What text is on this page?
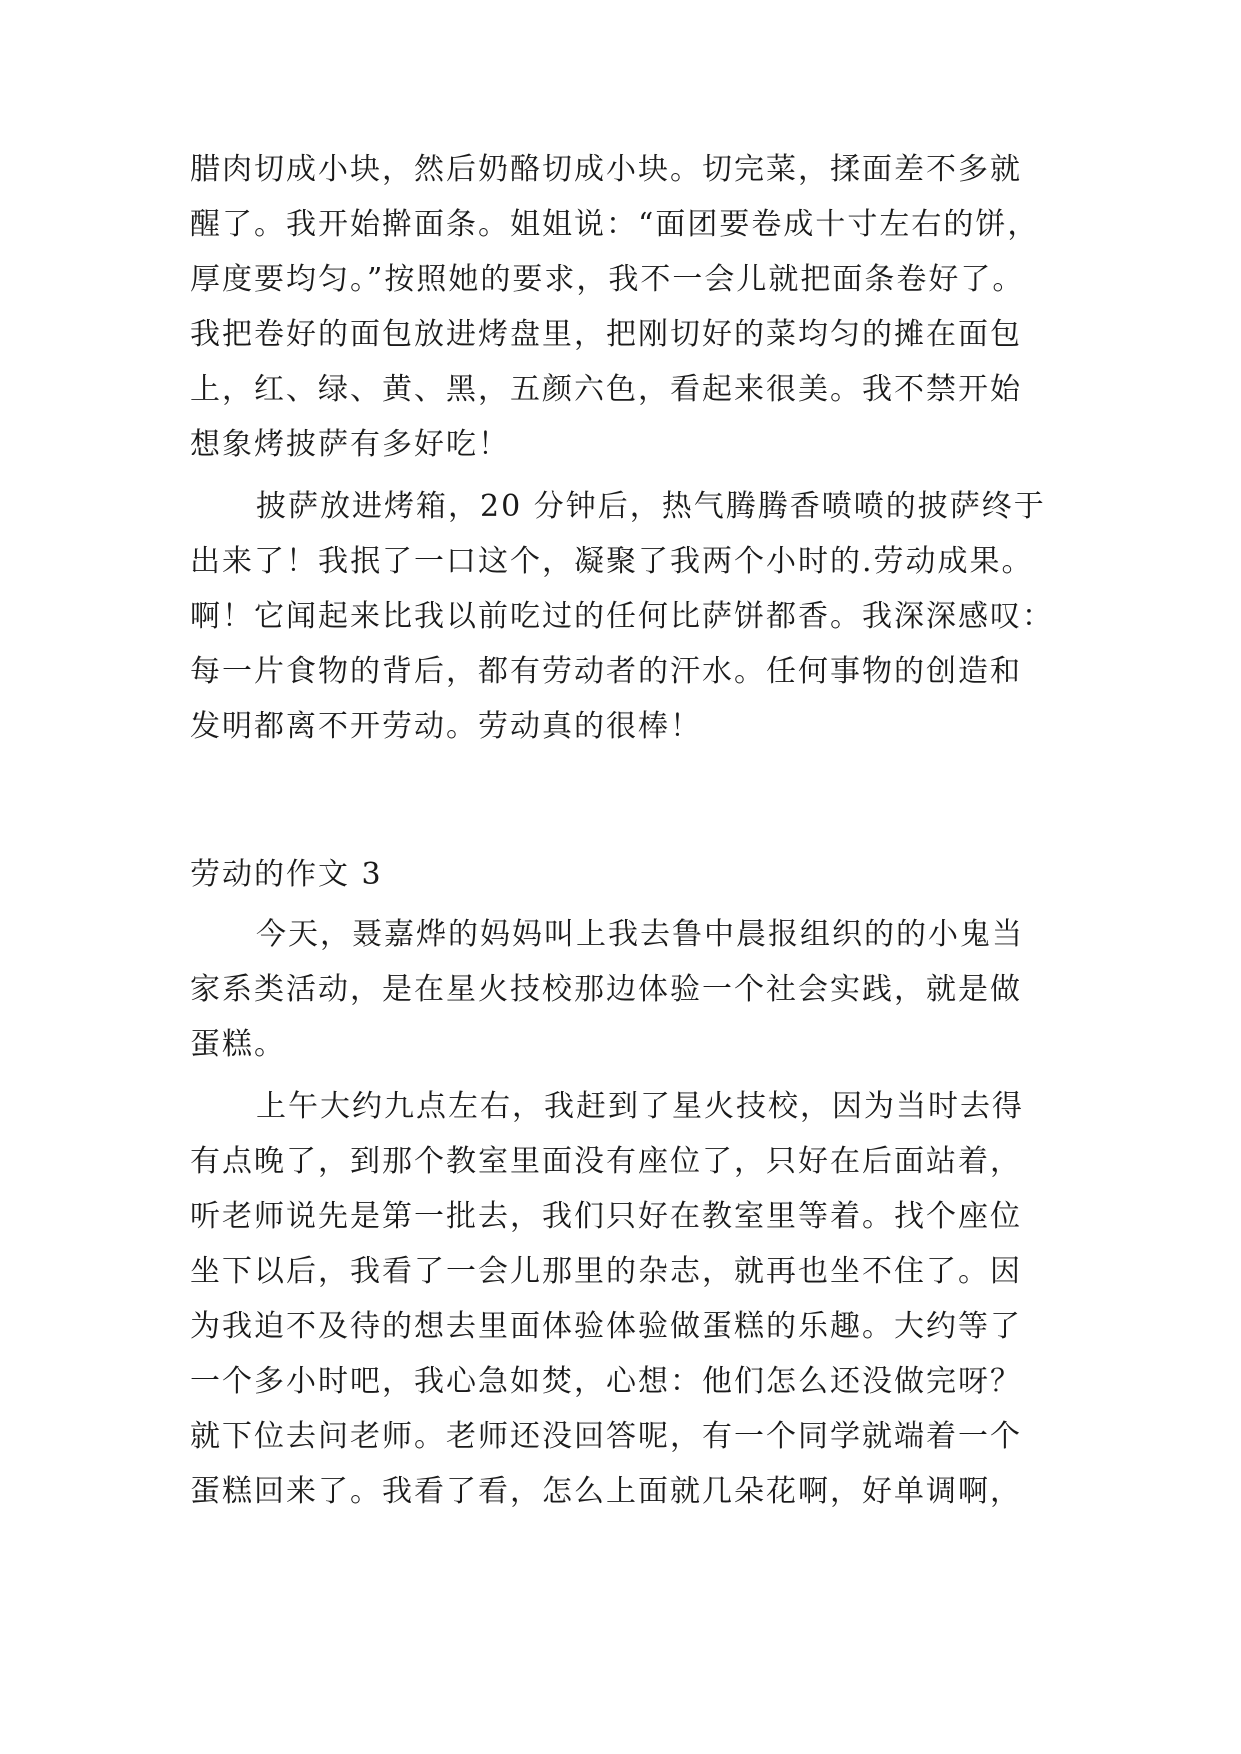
腊肉切成小块，然后奶酪切成小块。切完菜，揉面差不多就
醒了。我开始擀面条。姐姐说：“面团要卷成十寸左右的饼，
厚度要均匀。”按照她的要求，我不一会儿就把面条卷好了。
我把卷好的面包放进烤盘里，把刚切好的菜均匀的摊在面包
上，红、绿、黄、黑，五颜六色，看起来很美。我不禁开始
想象烤披萨有多好吃！
披萨放进烤箱，20 分钟后，热气腾腾香喷喷的披萨终于
出来了！我抿了一口这个，凝聚了我两个小时的.劳动成果。
啊！它闻起来比我以前吃过的任何比萨饼都香。我深深感叹：
每一片食物的背后，都有劳动者的汗水。任何事物的创造和
发明都离不开劳动。劳动真的很棒！
劳动的作文 3
今天，聂嘉烨的妈妈叫上我去鲁中晨报组织的的小鬼当
家系类活动，是在星火技校那边体验一个社会实践，就是做
蛋糕。
上午大约九点左右，我赶到了星火技校，因为当时去得
有点晚了，到那个教室里面没有座位了，只好在后面站着，
听老师说先是第一批去，我们只好在教室里等着。找个座位
坐下以后，我看了一会儿那里的杂志，就再也坐不住了。因
为我迫不及待的想去里面体验体验做蛋糕的乐趣。大约等了
一个多小时吧，我心急如焚，心想：他们怎么还没做完呀？
就下位去问老师。老师还没回答呢，有一个同学就端着一个
蛋糕回来了。我看了看，怎么上面就几朵花啊，好单调啊，
